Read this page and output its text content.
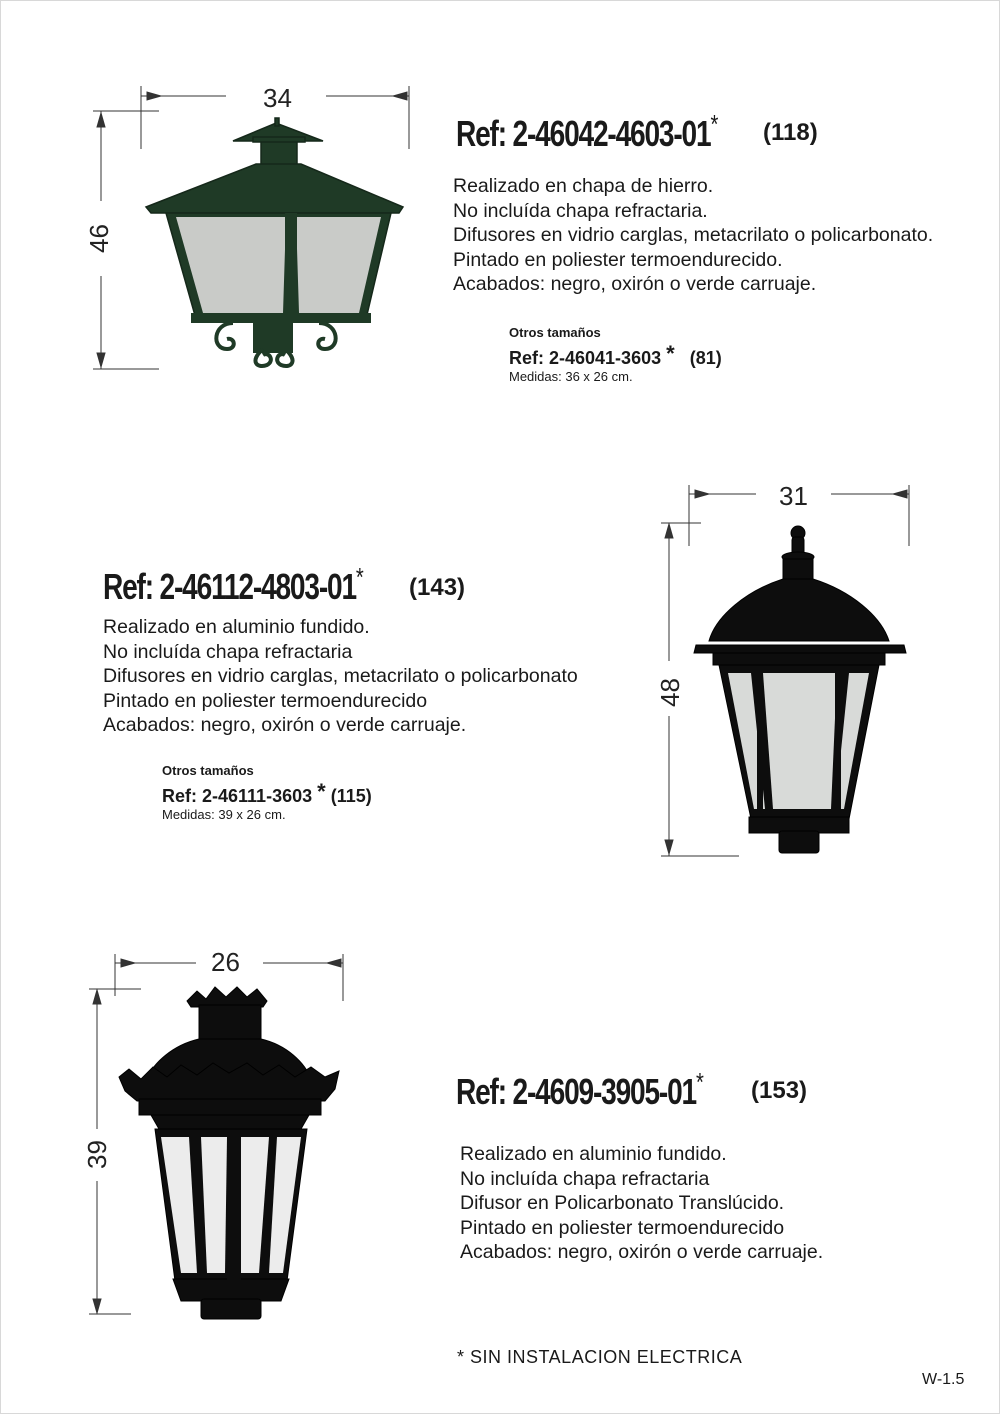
34
46
Ref: 2-46042-4603-01*	(118)
Realizado en chapa de hierro.
No incluída chapa refractaria.
Difusores en vidrio carglas, metacrilato o policarbonato.
Pintado en poliester termoendurecido.
Acabados: negro, oxirón o verde carruaje.
Otros tamaños
Ref: 2-46041-3603 * (81)
Medidas: 36 x 26 cm.
31
48
Ref: 2-46112-4803-01*	(143)
Realizado en aluminio fundido.
No incluída chapa refractaria
Difusores en vidrio carglas, metacrilato o policarbonato
Pintado en poliester termoendurecido
Acabados: negro, oxirón o verde carruaje.
Otros tamaños
Ref: 2-46111-3603 * (115)
Medidas: 39 x 26 cm.
26
39
Ref: 2-4609-3905-01*	(153)
Realizado en aluminio fundido.
No incluída chapa refractaria
Difusor en Policarbonato Translúcido.
Pintado en poliester termoendurecido
Acabados: negro, oxirón o verde carruaje.
* SIN INSTALACION ELECTRICA
W-1.5
